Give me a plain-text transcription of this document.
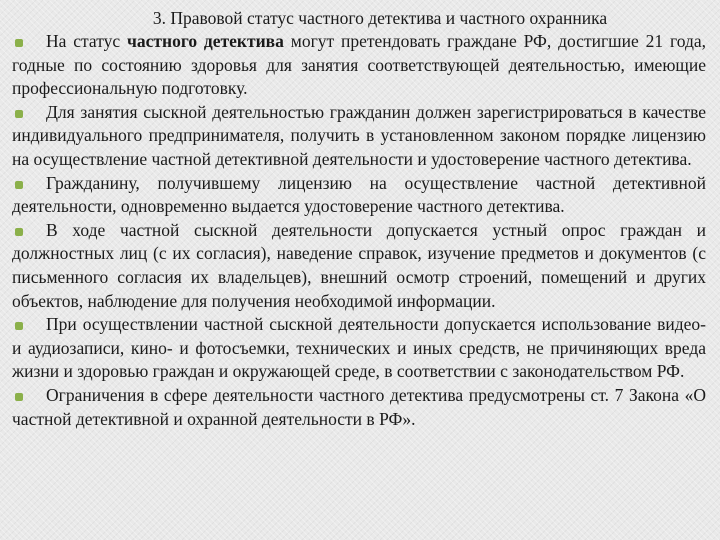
3. Правовой статус частного детектива и частного охранника

На статус частного детектива могут претендовать граждане РФ, достигшие 21 года, годные по состоянию здоровья для занятия соответствующей деятельностью, имеющие профессиональную подготовку.

Для занятия сыскной деятельностью гражданин должен зарегистрироваться в качестве индивидуального предпринимателя, получить в установленном законом порядке лицензию на осуществление частной детективной деятельности и удостоверение частного детектива.

Гражданину, получившему лицензию на осуществление частной детективной деятельности, одновременно выдается удостоверение частного детектива.

В ходе частной сыскной деятельности допускается устный опрос граждан и должностных лиц (с их согласия), наведение справок, изучение предметов и документов (с письменного согласия их владельцев), внешний осмотр строений, помещений и других объектов, наблюдение для получения необходимой информации.

При осуществлении частной сыскной деятельности допускается использование видео- и аудиозаписи, кино- и фотосъемки, технических и иных средств, не причиняющих вреда жизни и здоровью граждан и окружающей среде, в соответствии с законодательством РФ.

Ограничения в сфере деятельности частного детектива предусмотрены ст. 7 Закона «О частной детективной и охранной деятельности в РФ».
